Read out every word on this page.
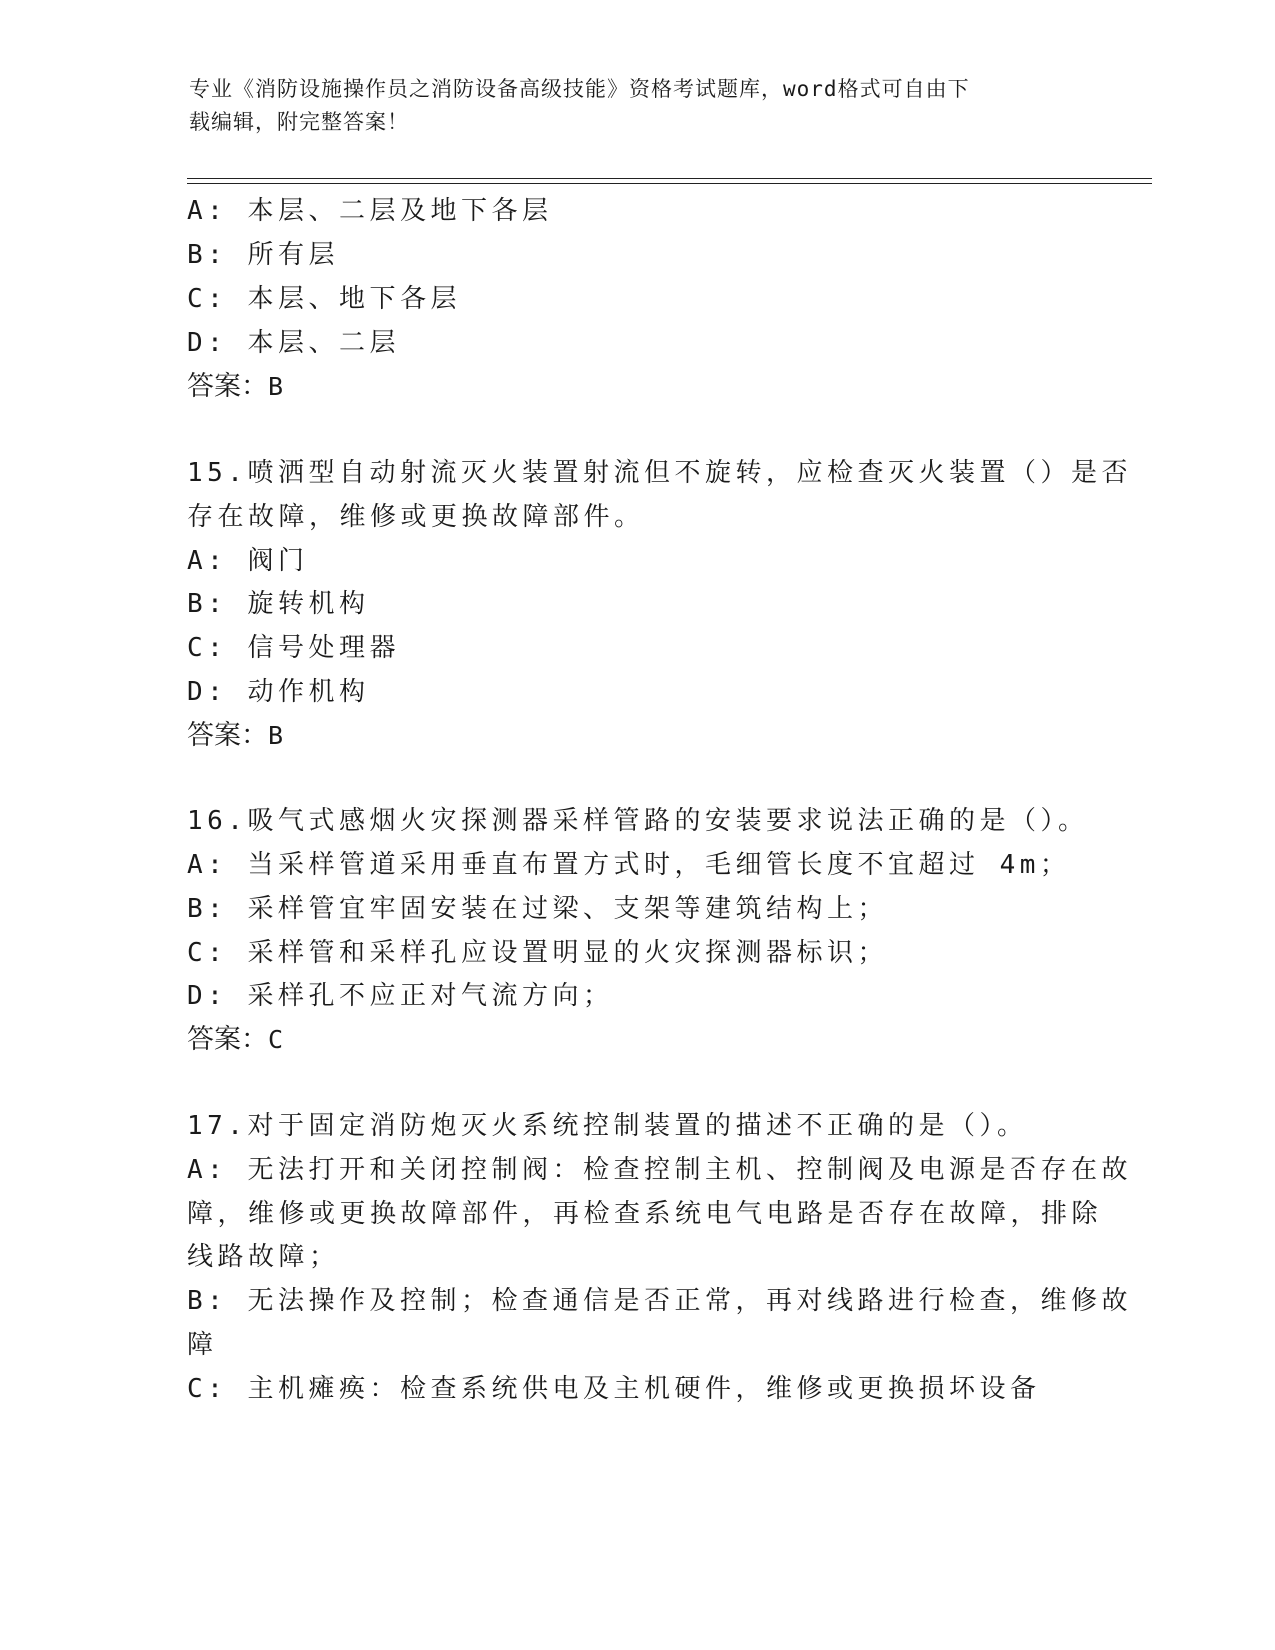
专业《消防设施操作员之消防设备高级技能》资格考试题库，word格式可自由下
载编辑，附完整答案！
A: 本层、二层及地下各层
B: 所有层
C: 本层、地下各层
D: 本层、二层
答案：B
15.喷洒型自动射流灭火装置射流但不旋转，应检查灭火装置（）是否
存在故障，维修或更换故障部件。
A: 阀门
B: 旋转机构
C: 信号处理器
D: 动作机构
答案：B
16.吸气式感烟火灾探测器采样管路的安装要求说法正确的是（）。
A: 当采样管道采用垂直布置方式时，毛细管长度不宜超过 4m；
B: 采样管宜牢固安装在过梁、支架等建筑结构上；
C: 采样管和采样孔应设置明显的火灾探测器标识；
D: 采样孔不应正对气流方向；
答案：C
17.对于固定消防炮灭火系统控制装置的描述不正确的是（）。
A: 无法打开和关闭控制阀：检查控制主机、控制阀及电源是否存在故
障，维修或更换故障部件，再检查系统电气电路是否存在故障，排除
线路故障；
B: 无法操作及控制；检查通信是否正常，再对线路进行检查，维修故
障
C: 主机瘫痪：检查系统供电及主机硬件，维修或更换损坏设备
